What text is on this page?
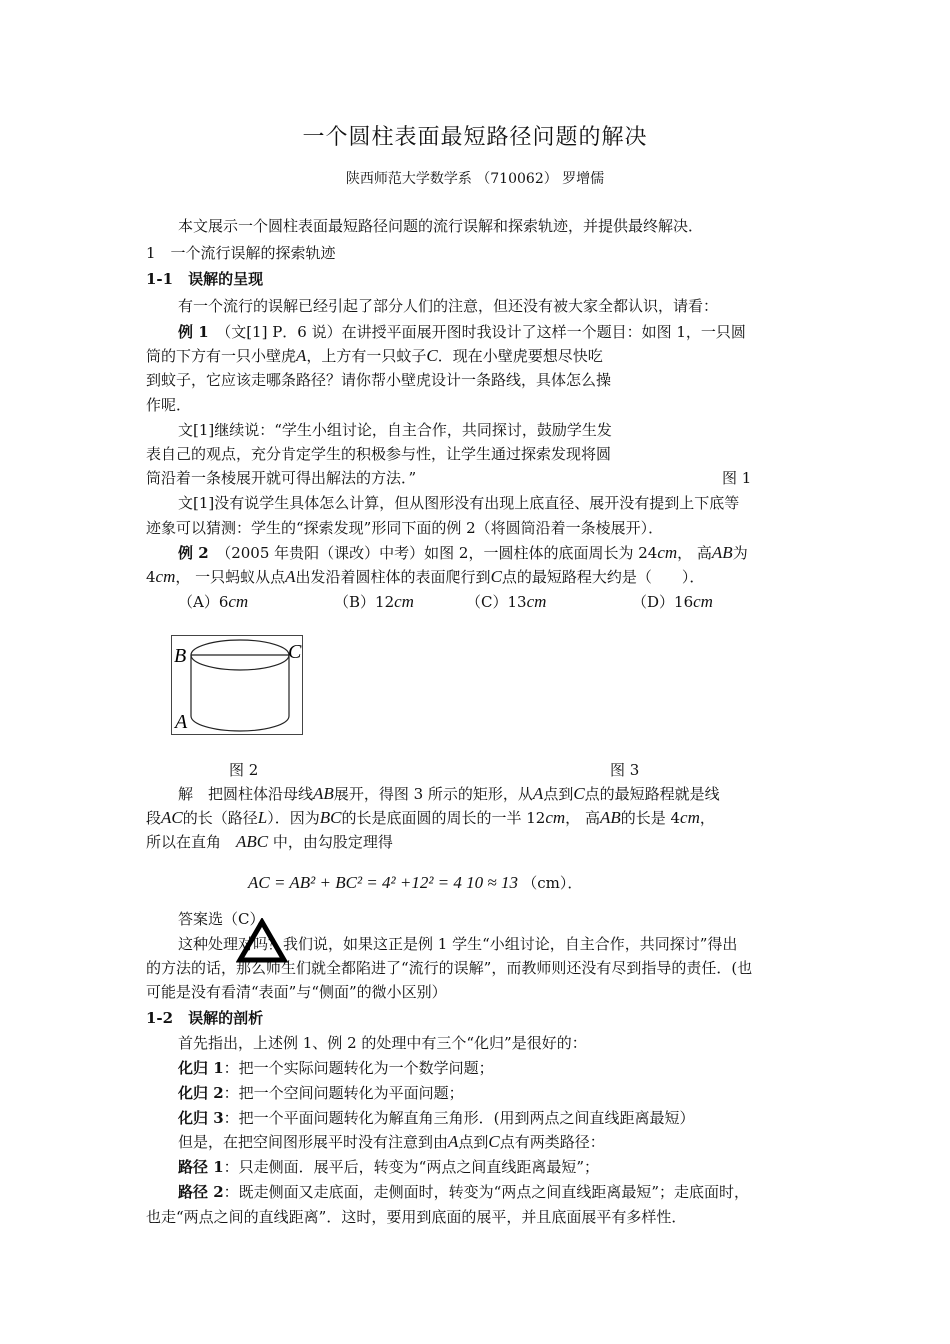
一个圆柱表面最短路径问题的解决
陕西师范大学数学系 （710062） 罗增儒
本文展示一个圆柱表面最短路径问题的流行误解和探索轨迹，并提供最终解决．
1　一个流行误解的探索轨迹
1-1　误解的呈现
有一个流行的误解已经引起了部分人们的注意，但还没有被大家全都认识，请看：
例 1　 （文[1] P．6 说）在讲授平面展开图时我设计了这样一个题目：如图 1，一只圆
筒的下方有一只小壁虎A，上方有一只蚊子C．现在小壁虎要想尽快吃
到蚊子，它应该走哪条路径？请你帮小壁虎设计一条路线，具体怎么操
作呢．
文[1]继续说：“学生小组讨论，自主合作，共同探讨，鼓励学生发
表自己的观点，充分肯定学生的积极参与性，让学生通过探索发现将圆
筒沿着一条棱展开就可得出解法的方法．”	图 1
文[1]没有说学生具体怎么计算，但从图形没有出现上底直径、展开没有提到上下底等
迹象可以猜测：学生的“探索发现”形同下面的例 2（将圆筒沿着一条棱展开）．
例 2　 （2005 年贵阳（课改）中考）如图 2，一圆柱体的底面周长为 24cm， 高AB为
4cm， 一只蚂蚁从点A出发沿着圆柱体的表面爬行到C点的最短路程大约是（　　）．
（A）6cm	（B）12cm	（C）13cm	（D）16cm
B	C
A
图 2	图 3
解　 把圆柱体沿母线AB展开，得图 3 所示的矩形，从A点到C点的最短路程就是线
段AC的长（路径L）．因为BC的长是底面圆的周长的一半 12cm， 高AB的长是 4cm，
所以在直角　 ABC 中，由勾股定理得
AC = AB² + BC² = 4² +12² = 4 10 ≈ 13 （cm）．
答案选（C）．
这种处理对吗？我们说，如果这正是例 1 学生“小组讨论，自主合作，共同探讨”得出
的方法的话，那么师生们就全都陷进了“流行的误解”，而教师则还没有尽到指导的责任．(也
可能是没有看清“表面”与“侧面”的微小区别）
1-2　误解的剖析
首先指出，上述例 1、例 2 的处理中有三个“化归”是很好的：
化归 1：把一个实际问题转化为一个数学问题；
化归 2：把一个空间问题转化为平面问题；
化归 3：把一个平面问题转化为解直角三角形．(用到两点之间直线距离最短）
但是，在把空间图形展平时没有注意到由A点到C点有两类路径：
路径 1：只走侧面．展平后，转变为“两点之间直线距离最短”；
路径 2：既走侧面又走底面，走侧面时，转变为“两点之间直线距离最短”；走底面时，
也走“两点之间的直线距离”．这时，要用到底面的展平，并且底面展平有多样性．
